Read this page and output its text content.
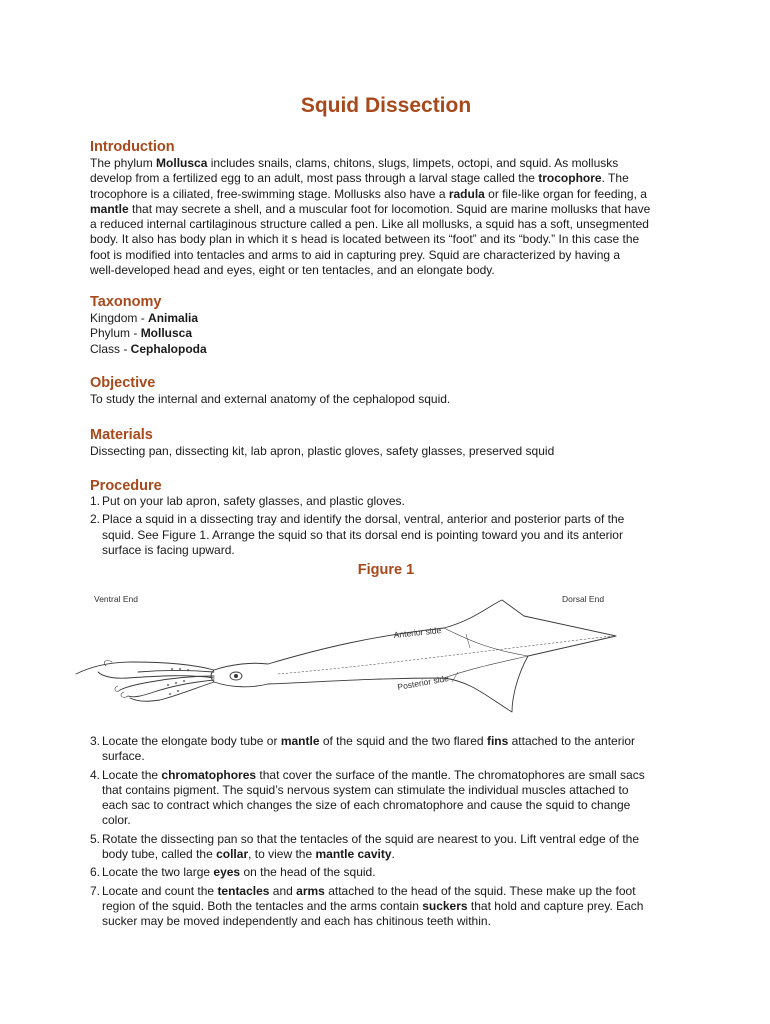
Squid Dissection
Introduction
The phylum Mollusca includes snails, clams, chitons, slugs, limpets, octopi, and squid. As mollusks
develop from a fertilized egg to an adult, most pass through a larval stage called the trocophore. The
trocophore is a ciliated, free-swimming stage. Mollusks also have a radula or file-like organ for feeding, a
mantle that may secrete a shell, and a muscular foot for locomotion. Squid are marine mollusks that have
a reduced internal cartilaginous structure called a pen. Like all mollusks, a squid has a soft, unsegmented
body. It also has body plan in which it s head is located between its “foot” and its “body.” In this case the
foot is modified into tentacles and arms to aid in capturing prey. Squid are characterized by having a
well-developed head and eyes, eight or ten tentacles, and an elongate body.
Taxonomy
Kingdom - Animalia
Phylum - Mollusca
Class - Cephalopoda
Objective
To study the internal and external anatomy of the cephalopod squid.
Materials
Dissecting pan, dissecting kit, lab apron, plastic gloves, safety glasses, preserved squid
Procedure
1. Put on your lab apron, safety glasses, and plastic gloves.
2. Place a squid in a dissecting tray and identify the dorsal, ventral, anterior and posterior parts of the
squid. See Figure 1. Arrange the squid so that its dorsal end is pointing toward you and its anterior
surface is facing upward.
Figure 1
3. Locate the elongate body tube or mantle of the squid and the two flared fins attached to the anterior
surface.
4. Locate the chromatophores that cover the surface of the mantle. The chromatophores are small sacs
that contains pigment. The squid’s nervous system can stimulate the individual muscles attached to
each sac to contract which changes the size of each chromatophore and cause the squid to change
color.
5. Rotate the dissecting pan so that the tentacles of the squid are nearest to you. Lift ventral edge of the
body tube, called the collar, to view the mantle cavity.
6. Locate the two large eyes on the head of the squid.
7. Locate and count the tentacles and arms attached to the head of the squid. These make up the foot
region of the squid. Both the tentacles and the arms contain suckers that hold and capture prey. Each
sucker may be moved independently and each has chitinous teeth within.
Ventral End	Dorsal End
Anterior side
Posterior side
